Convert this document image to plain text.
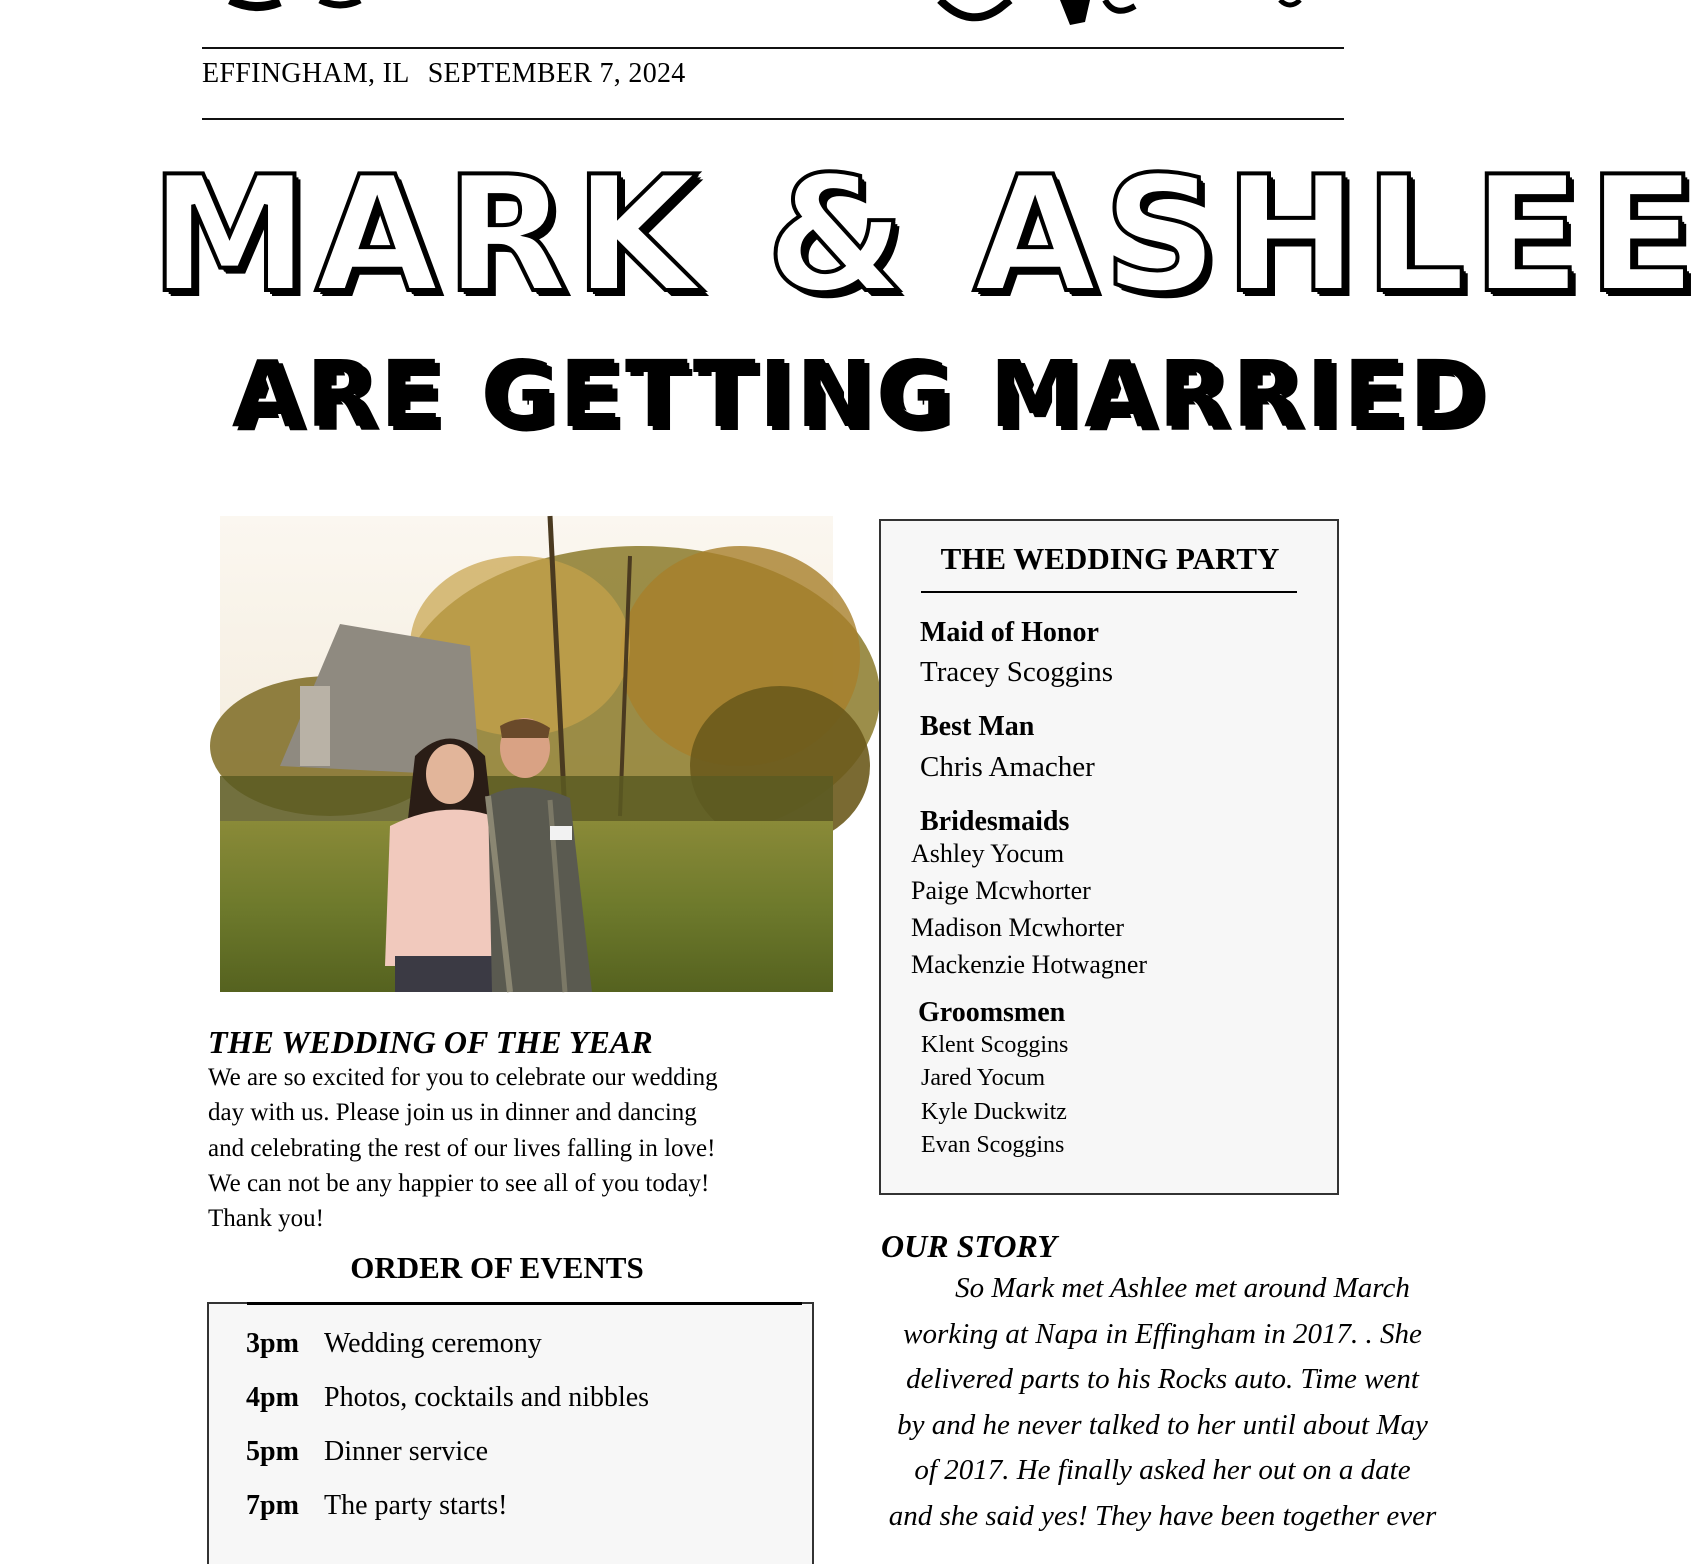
EFFINGHAM, IL SEPTEMBER 7, 2024
MARK & ASHLEE
ARE GETTING MARRIED
THE WEDDING OF THE YEAR
We are so excited for you to celebrate our wedding
day with us. Please join us in dinner and dancing
and celebrating the rest of our lives falling in love!
We can not be any happier to see all of you today!
Thank you!
ORDER OF EVENTS
3pm Wedding ceremony
4pm Photos, cocktails and nibbles
5pm Dinner service
7pm The party starts!
THE WEDDING PARTY
Maid of Honor
Tracey Scoggins
Best Man
Chris Amacher
Bridesmaids
Ashley Yocum
Paige Mcwhorter
Madison Mcwhorter
Mackenzie Hotwagner
Groomsmen
Klent Scoggins
Jared Yocum
Kyle Duckwitz
Evan Scoggins
OUR STORY
So Mark met Ashlee met around March
working at Napa in Effingham in 2017. . She
delivered parts to his Rocks auto. Time went
by and he never talked to her until about May
of 2017. He finally asked her out on a date
and she said yes! They have been together ever
